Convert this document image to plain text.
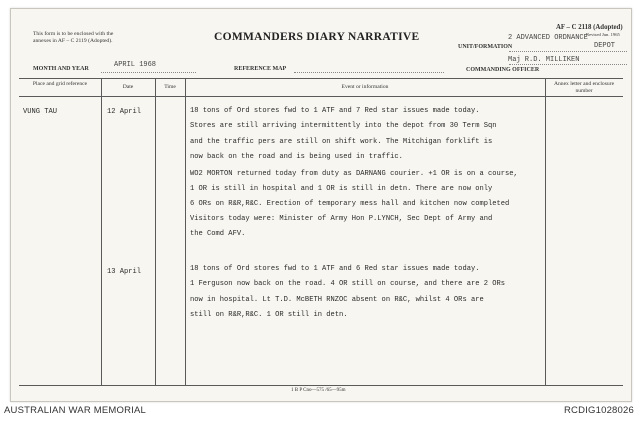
This form is to be enclosed with the
annexes in AF – C 2119 (Adopted).	COMMANDERS DIARY NARRATIVE
AF – C 2118 (Adopted)
Revised Jun. 1965
2 ADVANCED ORDNANCE
UNIT/FORMATION	DEPOT
MONTH AND YEAR	APRIL 1968	REFERENCE MAP
Maj R.D. MILLIKEN
COMMANDING OFFICER
Place and grid reference	Date	Time	Event or information	Annex letter and enclosure number
VUNG TAU	12 April	18 tons of Ord stores fwd to 1 ATF and 7 Red star issues made today.
Stores are still arriving intermittently into the depot from 30 Term Sqn
and the traffic pers are still on shift work. The Mitchigan forklift is
now back on the road and is being used in traffic.
WO2 MORTON returned today from duty as DARNANG courier. +1 OR is on a course,
1 OR is still in hospital and 1 OR is still in detn. There are now only
6 ORs on R&R,R&C. Erection of temporary mess hall and kitchen now completed
Visitors today were: Minister of Army Hon P.LYNCH, Sec Dept of Army and
the Comd AFV.
13 April	18 tons of Ord stores fwd to 1 ATF and 6 Red star issues made today.
1 Ferguson now back on the road. 4 OR still on course, and there are 2 ORs
now in hospital. Lt T.D. McBETH RNZOC absent on R&C, whilst 4 ORs are
still on R&R,R&C. 1 OR still in detn.
1 B P Cno—575 /65—95m
AUSTRALIAN WAR MEMORIAL	RCDIG1028026
